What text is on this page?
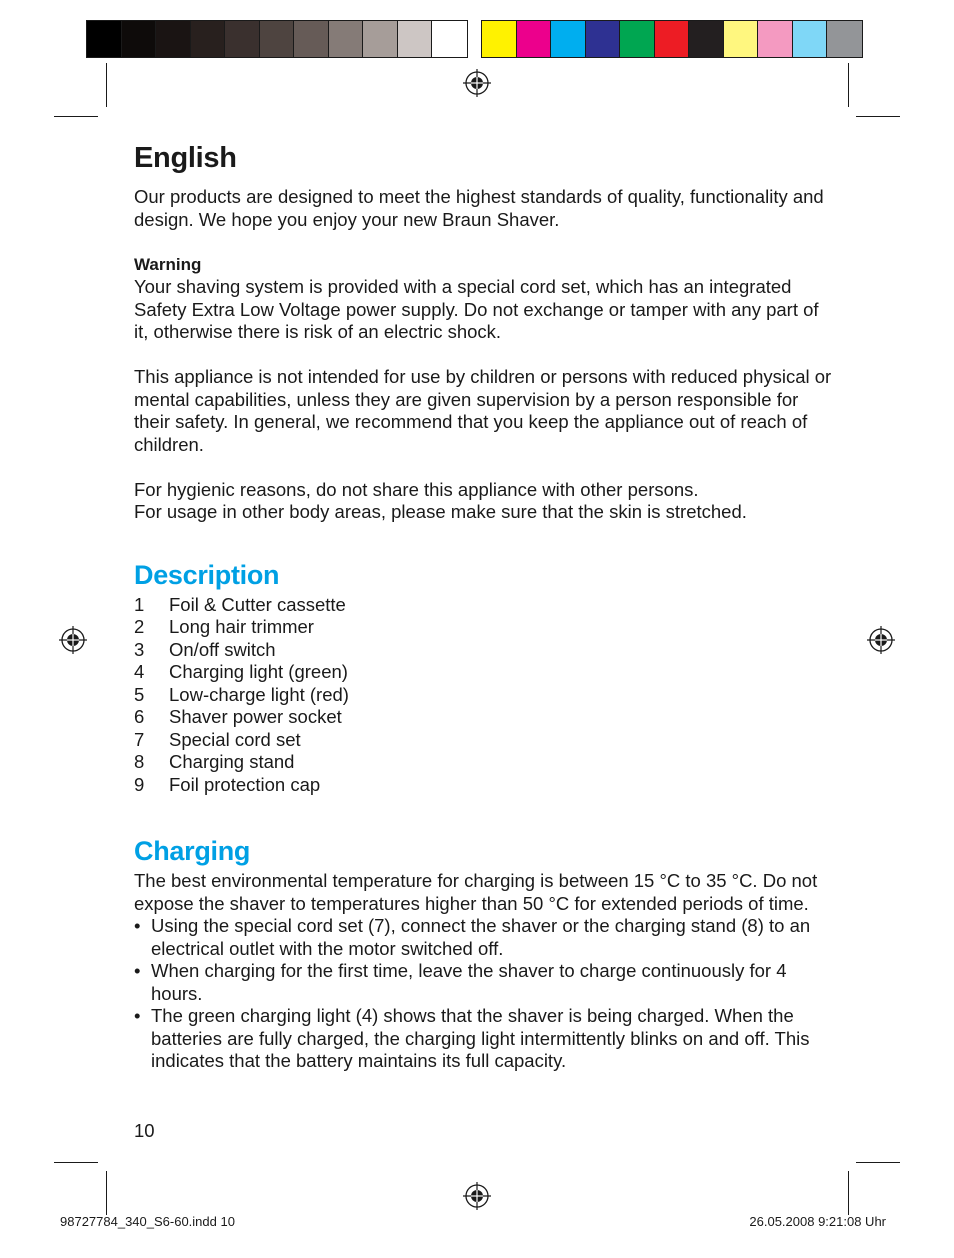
English

Our products are designed to meet the highest standards of quality, functionality and design. We hope you enjoy your new Braun Shaver.

Warning

Your shaving system is provided with a special cord set, which has an integrated Safety Extra Low Voltage power supply. Do not exchange or tamper with any part of it, otherwise there is risk of an electric shock.

This appliance is not intended for use by children or persons with reduced physical or mental capabilities, unless they are given supervision by a person responsible for their safety. In general, we recommend that you keep the appliance out of reach of children.

For hygienic reasons, do not share this appliance with other persons.

For usage in other body areas, please make sure that the skin is stretched.

Description
1	Foil & Cutter cassette
2	Long hair trimmer
3	On/off switch
4	Charging light (green)
5	Low-charge light (red)
6	Shaver power socket
7	Special cord set
8	Charging stand
9	Foil protection cap
Charging

The best environmental temperature for charging is between 15 °C to 35 °C. Do not expose the shaver to temperatures higher than 50 °C for extended periods of time.

• Using the special cord set (7), connect the shaver or the charging stand (8) to an electrical outlet with the motor switched off.
• When charging for the first time, leave the shaver to charge continuously for 4 hours.
• The green charging light (4) shows that the shaver is being charged. When the batteries are fully charged, the charging light intermittently blinks on and off. This indicates that the battery maintains its full capacity.
10
98727784_340_S6-60.indd 10	26.05.2008 9:21:08 Uhr
